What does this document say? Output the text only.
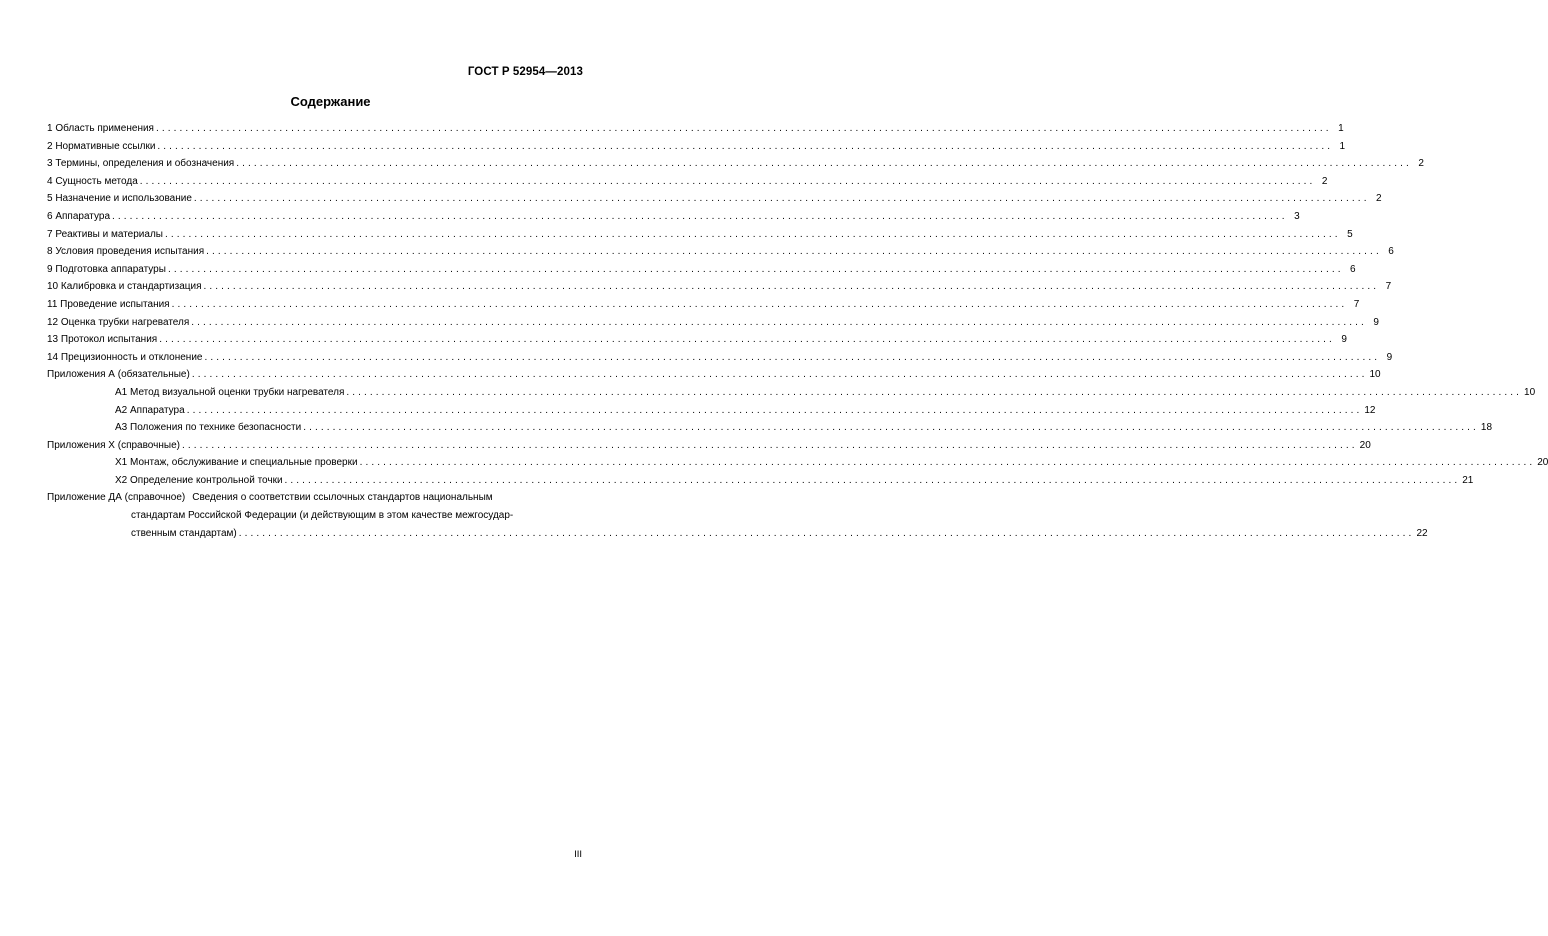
ГОСТ Р 52954—2013
Содержание
1 Область применения ........................................................................................................................................................................................................ 1
2 Нормативные ссылки ........................................................................................................................................................................................................ 1
3 Термины, определения и обозначения ........................................................................................................................................................................................................ 2
4 Сущность метода ........................................................................................................................................................................................................ 2
5 Назначение и использование ........................................................................................................................................................................................................ 2
6 Аппаратура ........................................................................................................................................................................................................ 3
7 Реактивы и материалы ........................................................................................................................................................................................................ 5
8 Условия проведения испытания ........................................................................................................................................................................................................ 6
9 Подготовка аппаратуры ........................................................................................................................................................................................................ 6
10 Калибровка и стандартизация ........................................................................................................................................................................................................ 7
11 Проведение испытания ........................................................................................................................................................................................................ 7
12 Оценка трубки нагревателя ........................................................................................................................................................................................................ 9
13 Протокол испытания ........................................................................................................................................................................................................ 9
14 Прецизионность и отклонение ........................................................................................................................................................................................................ 9
Приложения А (обязательные) ........................................................................................................................................................................................................ 10
А1 Метод визуальной оценки трубки нагревателя ........................................................................................................................................................................................................ 10
А2 Аппаратура ........................................................................................................................................................................................................ 12
А3 Положения по технике безопасности ........................................................................................................................................................................................................ 18
Приложения Х (справочные) ........................................................................................................................................................................................................ 20
Х1 Монтаж, обслуживание и специальные проверки ........................................................................................................................................................................................................ 20
Х2 Определение контрольной точки ........................................................................................................................................................................................................ 21
Приложение ДА (справочное) Сведения о соответствии ссылочных стандартов национальным
стандартам Российской Федерации (и действующим в этом качестве межгосудар-
ственным стандартам) ........................................................................................................................................................................................................ 22
III
